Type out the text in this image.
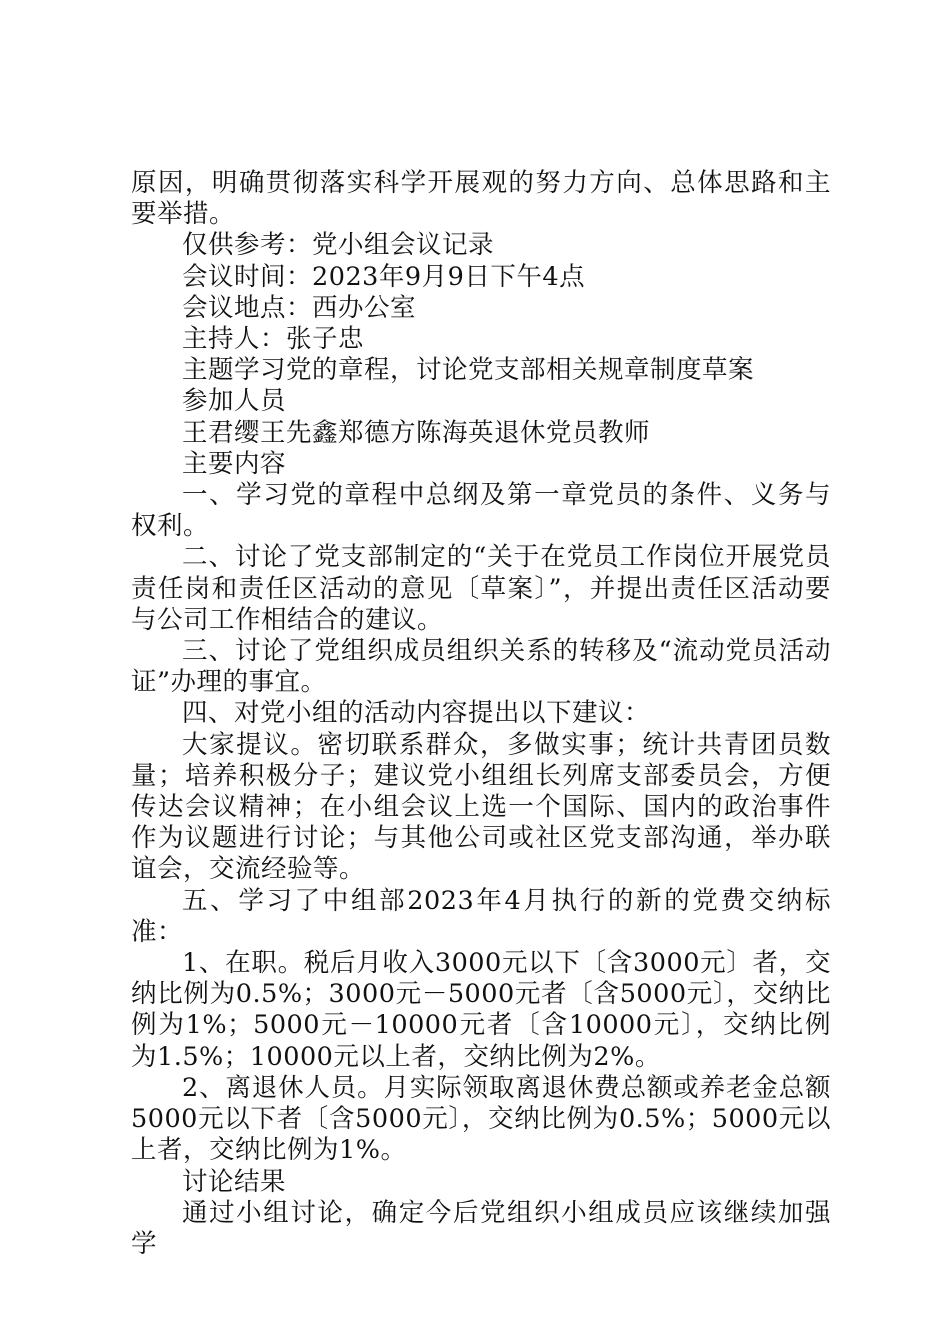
原因，明确贯彻落实科学开展观的努力方向、总体思路和主要举措。

仅供参考：党小组会议记录

会议时间：2023年9月9日下午4点

会议地点：西办公室

主持人：张子忠

主题学习党的章程，讨论党支部相关规章制度草案

参加人员

王君缨王先鑫郑德方陈海英退休党员教师

主要内容

一、学习党的章程中总纲及第一章党员的条件、义务与权利。

二、讨论了党支部制定的“关于在党员工作岗位开展党员责任岗和责任区活动的意见〔草案〕”，并提出责任区活动要与公司工作相结合的建议。

三、讨论了党组织成员组织关系的转移及“流动党员活动证”办理的事宜。

四、对党小组的活动内容提出以下建议：

大家提议。密切联系群众，多做实事；统计共青团员数量；培养积极分子；建议党小组组长列席支部委员会，方便传达会议精神；在小组会议上选一个国际、国内的政治事件作为议题进行讨论；与其他公司或社区党支部沟通，举办联谊会，交流经验等。

五、学习了中组部2023年4月执行的新的党费交纳标准：

1、在职。税后月收入3000元以下〔含3000元〕者，交纳比例为0.5%；3000元－5000元者〔含5000元〕，交纳比例为1%；5000元－10000元者〔含10000元〕，交纳比例为1.5%；10000元以上者，交纳比例为2%。

2、离退休人员。月实际领取离退休费总额或养老金总额5000元以下者〔含5000元〕，交纳比例为0.5%；5000元以上者，交纳比例为1%。

讨论结果

通过小组讨论，确定今后党组织小组成员应该继续加强学
